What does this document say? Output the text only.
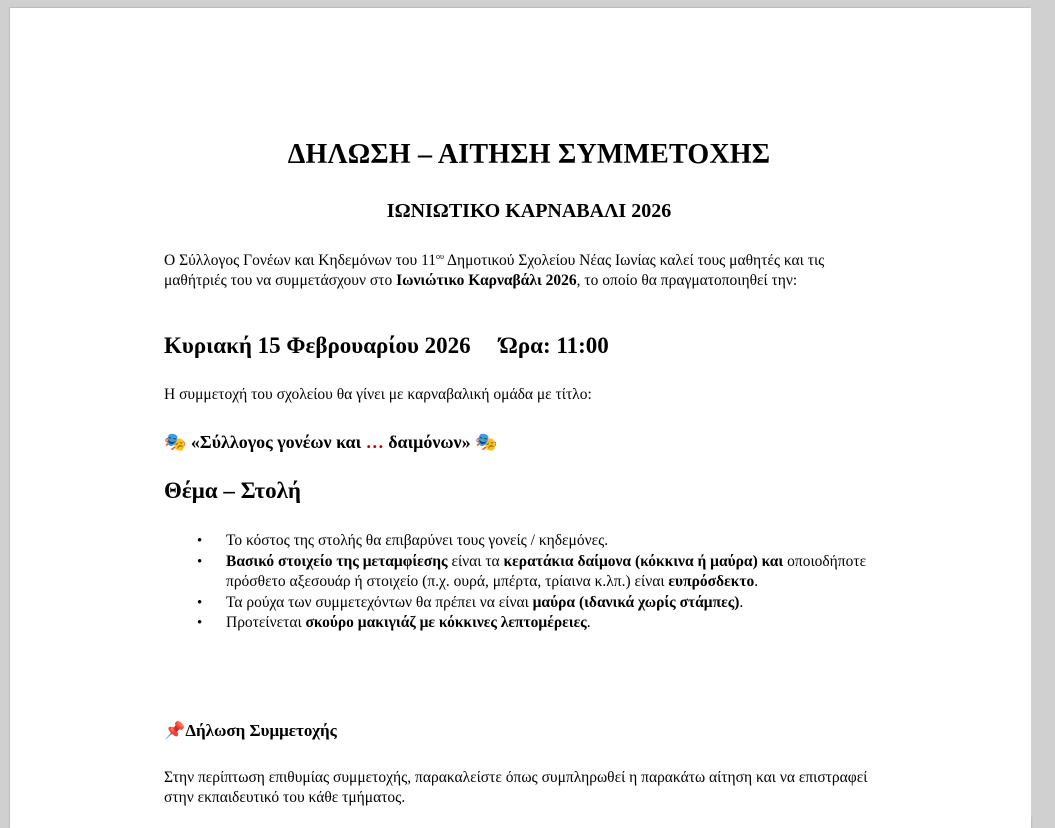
ΔΗΛΩΣΗ – ΑΙΤΗΣΗ ΣΥΜΜΕΤΟΧΗΣ
ΙΩΝΙΩΤΙΚΟ ΚΑΡΝΑΒΑΛΙ 2026
Ο Σύλλογος Γονέων και Κηδεμόνων του $11^{o\upsilon}$ Δημοτικού Σχολείου Νέας Ιωνίας καλεί τους μαθητές και τις μαθήτριές του να συμμετάσχουν στο Ιωνιώτικο Καρναβάλι 2026, το οποίο θα πραγματοποιηθεί την:
Κυριακή 15 Φεβρουαρίου 2026     Ώρα: 11:00
Η συμμετοχή του σχολείου θα γίνει με καρναβαλική ομάδα με τίτλο:
🎭 «Σύλλογος γονέων και … δαιμόνων» 🎭
Θέμα – Στολή
• Το κόστος της στολής θα επιβαρύνει τους γονείς / κηδεμόνες.
• Βασικό στοιχείο της μεταμφίεσης είναι τα κερατάκια δαίμονα (κόκκινα ή μαύρα) και οποιοδήποτε πρόσθετο αξεσουάρ ή στοιχείο (π.χ. ουρά, μπέρτα, τρίαινα κ.λπ.) είναι ευπρόσδεκτο.
• Τα ρούχα των συμμετεχόντων θα πρέπει να είναι μαύρα (ιδανικά χωρίς στάμπες).
• Προτείνεται σκούρο μακιγιάζ με κόκκινες λεπτομέρειες.
📌 Δήλωση Συμμετοχής
Στην περίπτωση επιθυμίας συμμετοχής, παρακαλείστε όπως συμπληρωθεί η παρακάτω αίτηση και να επιστραφεί στην εκπαιδευτικό του κάθε τμήματος.
